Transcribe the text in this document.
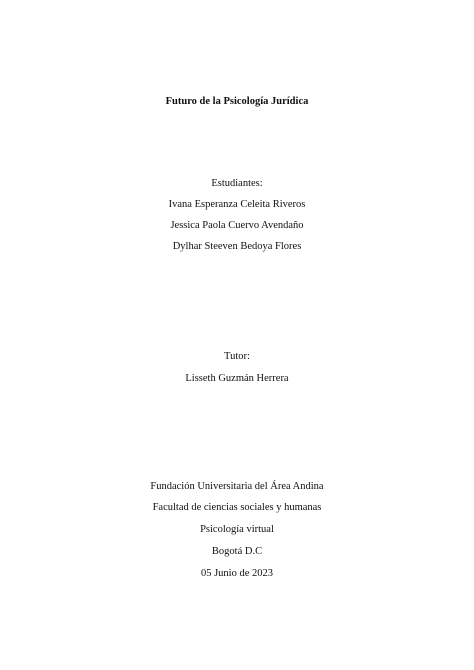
Futuro de la Psicología Jurídica
Estudiantes:
Ivana Esperanza Celeita Riveros
Jessica Paola Cuervo Avendaño
Dylhar Steeven Bedoya Flores
Tutor:
Lisseth Guzmán Herrera
Fundación Universitaria del Área Andina
Facultad de ciencias sociales y humanas
Psicología virtual
Bogotá D.C
05 Junio de 2023
